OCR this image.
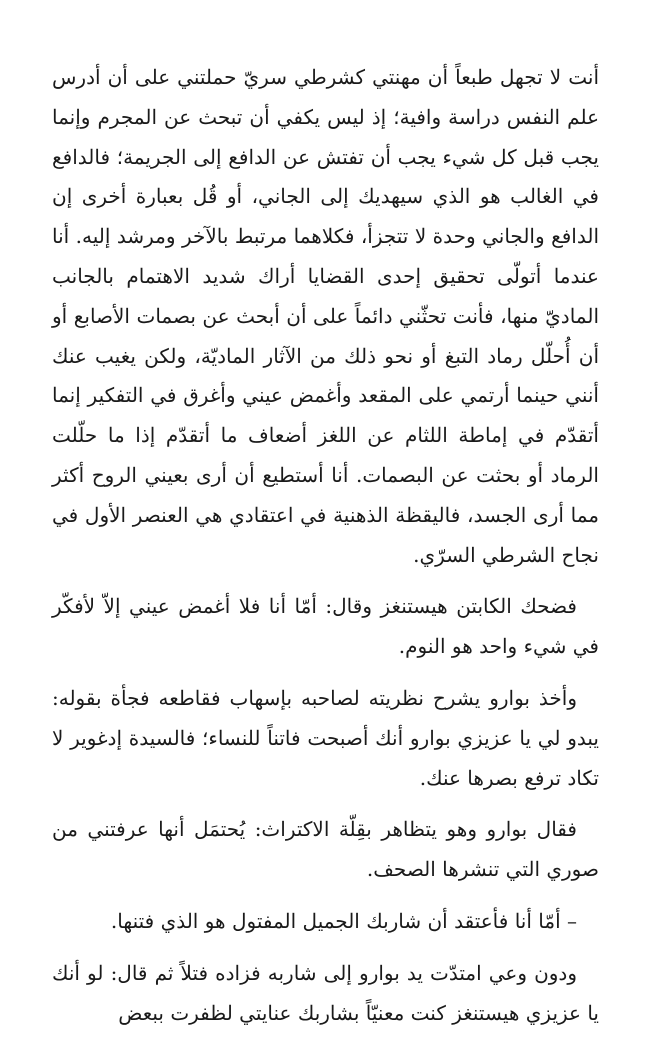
أنت لا تجهل طبعاً أن مهنتي كشرطي سريّ حملتني على أن أدرس علم النفس دراسة وافية؛ إذ ليس يكفي أن تبحث عن المجرم وإنما يجب قبل كل شيء يجب أن تفتش عن الدافع إلى الجريمة؛ فالدافع في الغالب هو الذي سيهديك إلى الجاني، أو قُل بعبارة أخرى إن الدافع والجاني وحدة لا تتجزأ، فكلاهما مرتبط بالآخر ومرشد إليه. أنا عندما أتولّى تحقيق إحدى القضايا أراك شديد الاهتمام بالجانب الماديّ منها، فأنت تحثّني دائماً على أن أبحث عن بصمات الأصابع أو أن أُحلّل رماد التبغ أو نحو ذلك من الآثار الماديّة، ولكن يغيب عنك أنني حينما أرتمي على المقعد وأغمض عيني وأغرق في التفكير إنما أتقدّم في إماطة اللثام عن اللغز أضعاف ما أتقدّم إذا ما حلّلت الرماد أو بحثت عن البصمات. أنا أستطيع أن أرى بعيني الروح أكثر مما أرى الجسد، فاليقظة الذهنية في اعتقادي هي العنصر الأول في نجاح الشرطي السرّي.

فضحك الكابتن هيستنغز وقال: أمّا أنا فلا أغمض عيني إلاّ لأفكّر في شيء واحد هو النوم.

وأخذ بوارو يشرح نظريته لصاحبه بإسهاب فقاطعه فجأة بقوله: يبدو لي يا عزيزي بوارو أنك أصبحت فاتناً للنساء؛ فالسيدة إدغوير لا تكاد ترفع بصرها عنك.

فقال بوارو وهو يتظاهر بقِلّة الاكتراث: يُحتمَل أنها عرفتني من صوري التي تنشرها الصحف.

– أمّا أنا فأعتقد أن شاربك الجميل المفتول هو الذي فتنها.

ودون وعي امتدّت يد بوارو إلى شاربه فزاده فتلاً ثم قال: لو أنك يا عزيزي هيستنغز كنت معنيّاً بشاربك عنايتي لظفرت ببعض
